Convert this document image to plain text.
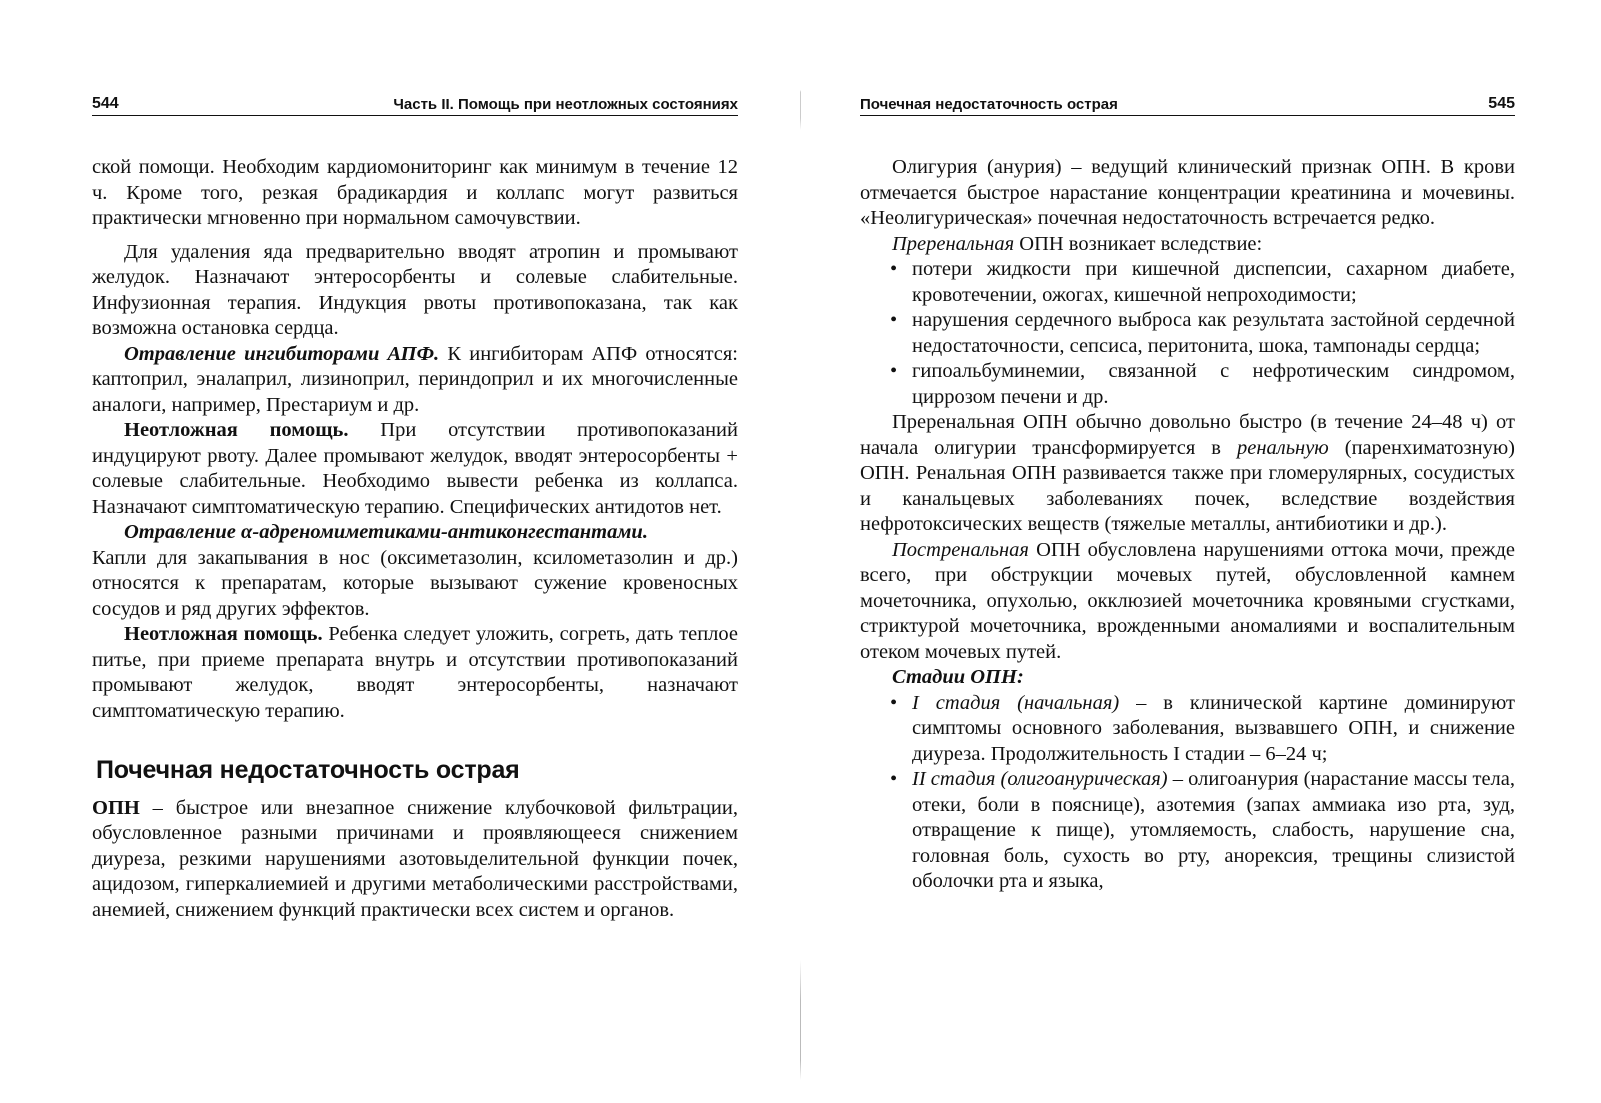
544	Часть II. Помощь при неотложных состояниях

ской помощи. Необходим кардиомониторинг как минимум в течение 12 ч. Кроме того, резкая брадикардия и коллапс могут развиться практически мгновенно при нормальном самочувствии.

Для удаления яда предварительно вводят атропин и промывают желудок. Назначают энтеросорбенты и солевые слабительные. Инфузионная терапия. Индукция рвоты противопоказана, так как возможна остановка сердца.

Отравление ингибиторами АПФ. К ингибиторам АПФ относятся: каптоприл, эналаприл, лизиноприл, периндоприл и их многочисленные аналоги, например, Престариум и др.

Неотложная помощь. При отсутствии противопоказаний индуцируют рвоту. Далее промывают желудок, вводят энтеросорбенты + солевые слабительные. Необходимо вывести ребенка из коллапса. Назначают симптоматическую терапию. Специфических антидотов нет.

Отравление α-адреномиметиками-антиконгестантами.
Капли для закапывания в нос (оксиметазолин, ксилометазолин и др.) относятся к препаратам, которые вызывают сужение кровеносных сосудов и ряд других эффектов.

Неотложная помощь. Ребенка следует уложить, согреть, дать теплое питье, при приеме препарата внутрь и отсутствии противопоказаний промывают желудок, вводят энтеросорбенты, назначают симптоматическую терапию.

Почечная недостаточность острая

ОПН – быстрое или внезапное снижение клубочковой фильтрации, обусловленное разными причинами и проявляющееся снижением диуреза, резкими нарушениями азотовыделительной функции почек, ацидозом, гиперкалиемией и другими метаболическими расстройствами, анемией, снижением функций практически всех систем и органов.

Почечная недостаточность острая	545

Олигурия (анурия) – ведущий клинический признак ОПН. В крови отмечается быстрое нарастание концентрации креатинина и мочевины. «Неолигурическая» почечная недостаточность встречается редко.

Преренальная ОПН возникает вследствие:

• потери жидкости при кишечной диспепсии, сахарном диабете, кровотечении, ожогах, кишечной непроходимости;
• нарушения сердечного выброса как результата застойной сердечной недостаточности, сепсиса, перитонита, шока, тампонады сердца;
• гипоальбуминемии, связанной с нефротическим синдромом, циррозом печени и др.

Преренальная ОПН обычно довольно быстро (в течение 24–48 ч) от начала олигурии трансформируется в ренальную (паренхиматозную) ОПН. Ренальная ОПН развивается также при гломерулярных, сосудистых и канальцевых заболеваниях почек, вследствие воздействия нефротоксических веществ (тяжелые металлы, антибиотики и др.).

Постренальная ОПН обусловлена нарушениями оттока мочи, прежде всего, при обструкции мочевых путей, обусловленной камнем мочеточника, опухолью, окклюзией мочеточника кровяными сгустками, стриктурой мочеточника, врожденными аномалиями и воспалительным отеком мочевых путей.

Стадии ОПН:

• I стадия (начальная) – в клинической картине доминируют симптомы основного заболевания, вызвавшего ОПН, и снижение диуреза. Продолжительность I стадии – 6–24 ч;
• II стадия (олигоанурическая) – олигоанурия (нарастание массы тела, отеки, боли в пояснице), азотемия (запах аммиака изо рта, зуд, отвращение к пище), утомляемость, слабость, нарушение сна, головная боль, сухость во рту, анорексия, трещины слизистой оболочки рта и языка,
